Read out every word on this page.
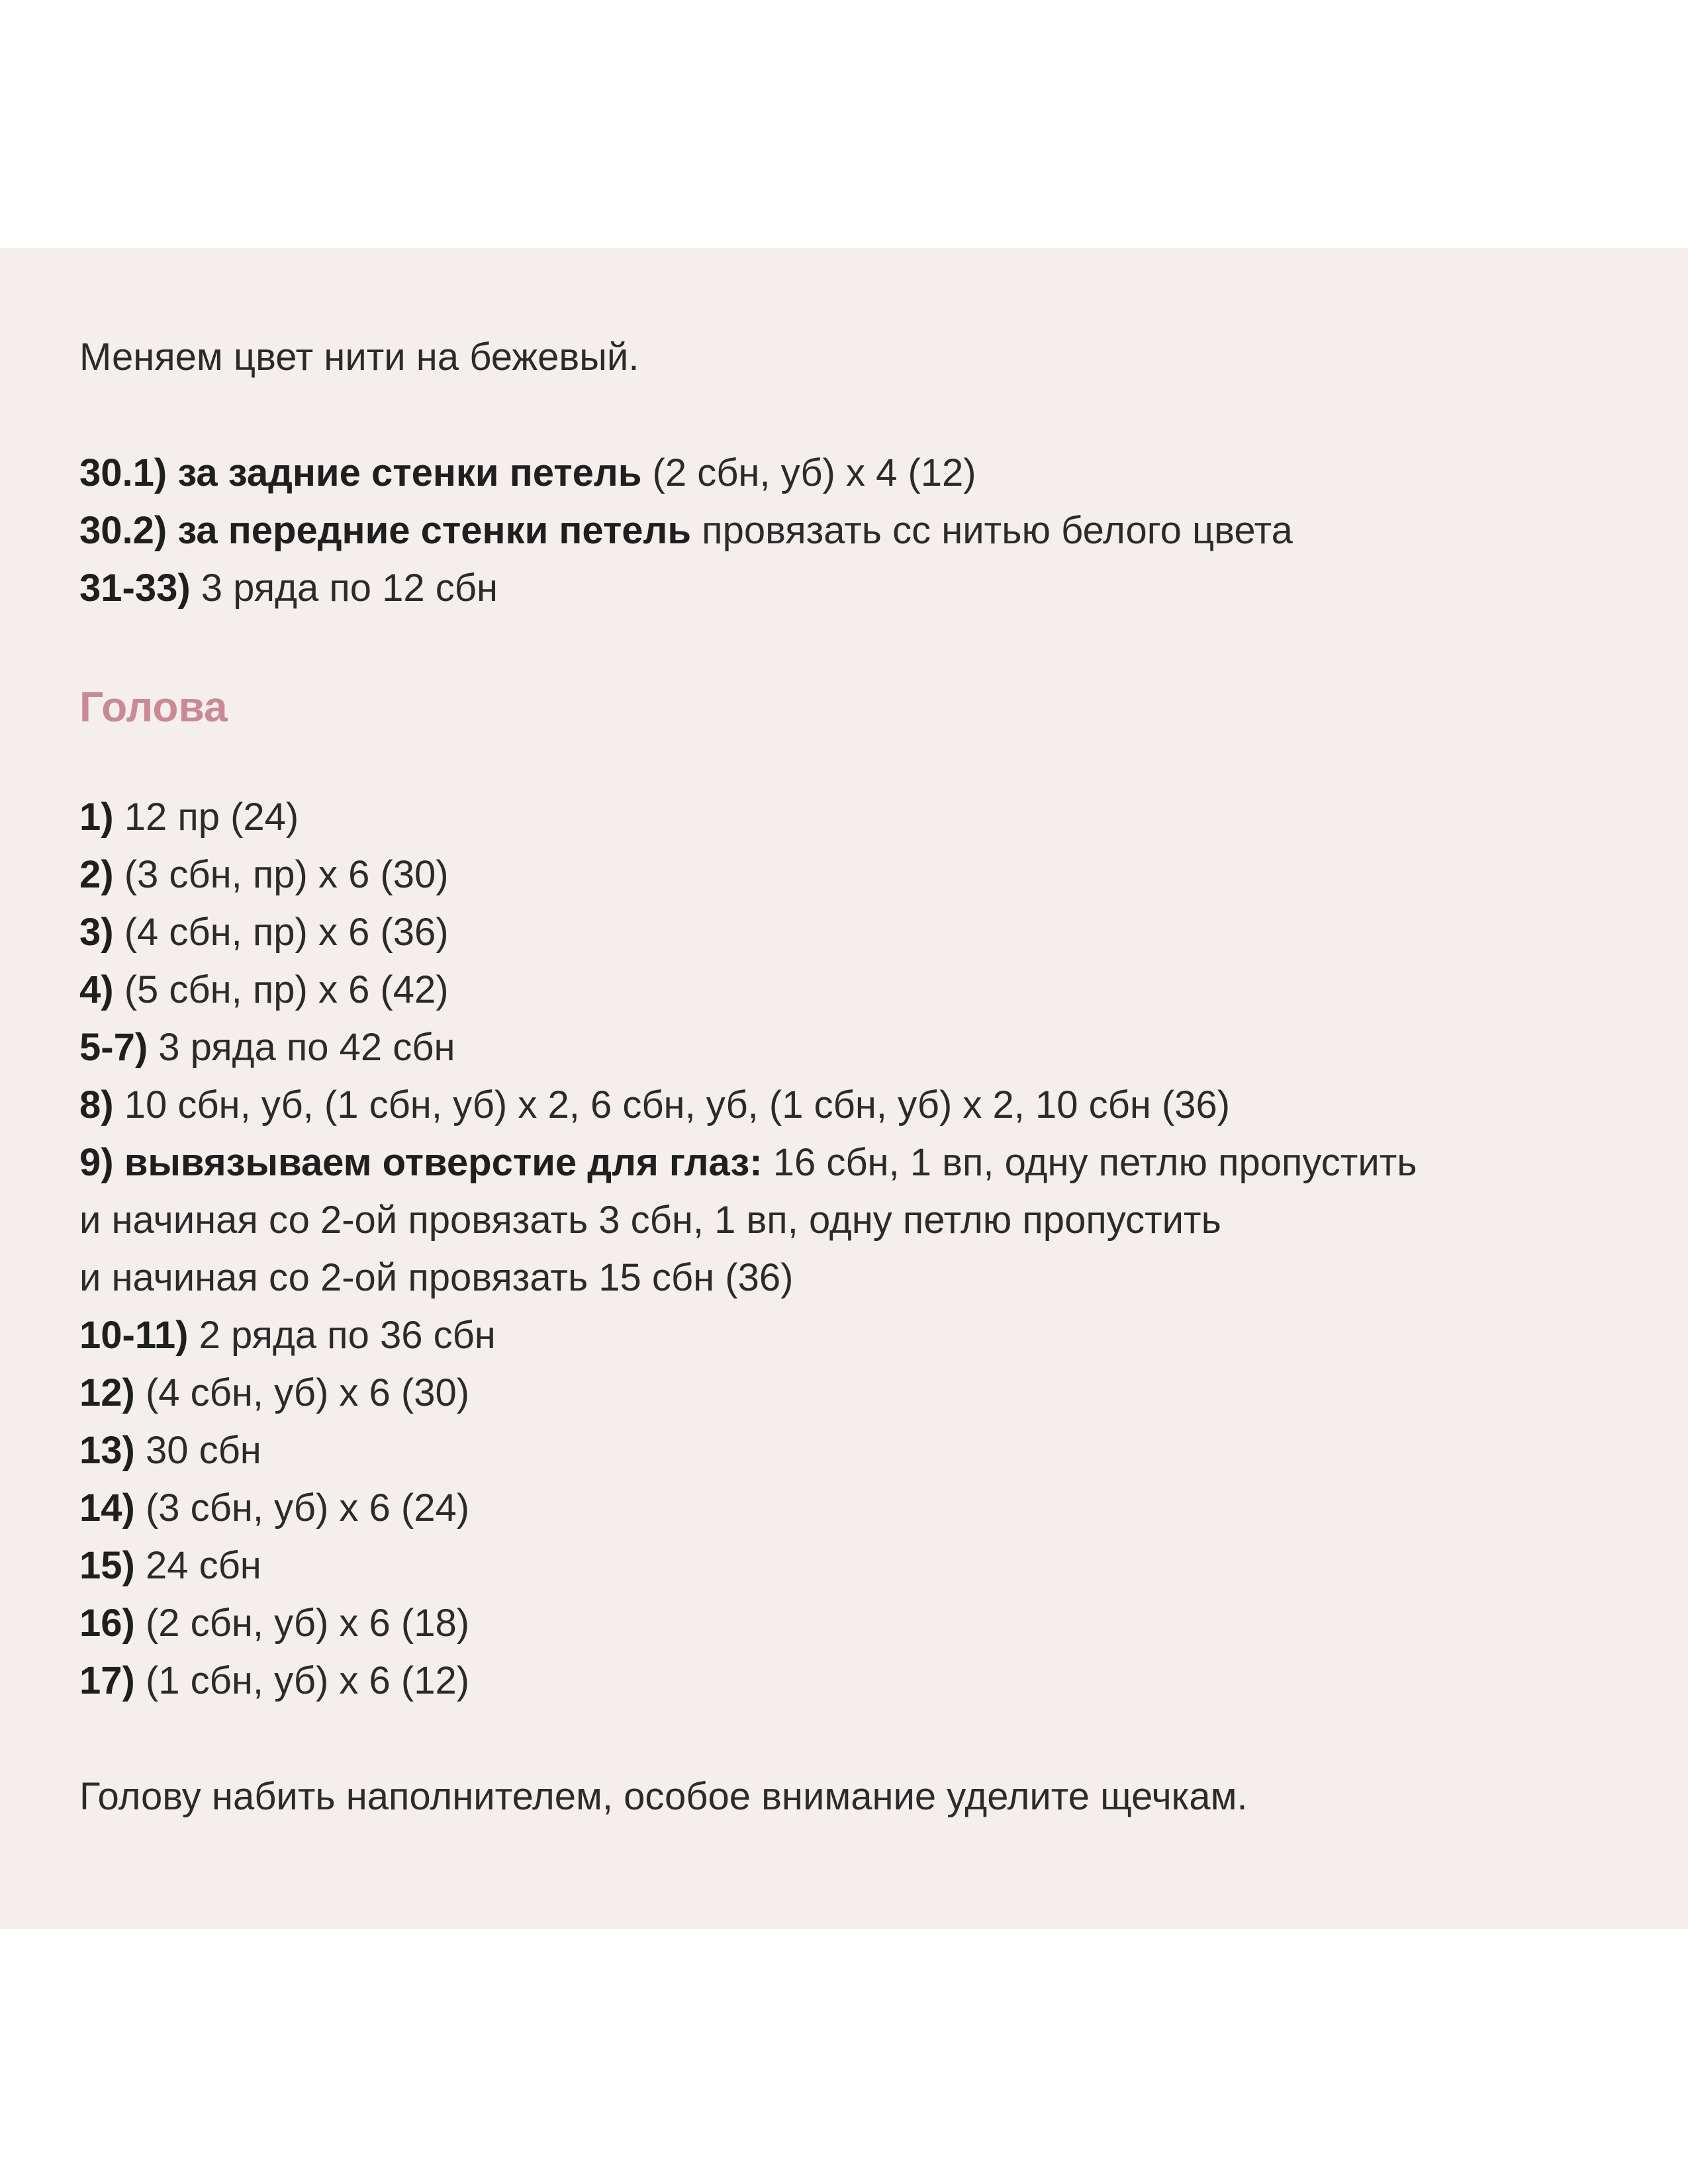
Меняем цвет нити на бежевый.
30.1) за задние стенки петель (2 сбн, уб) х 4 (12)
30.2) за передние стенки петель провязать сс нитью белого цвета
31-33) 3 ряда по 12 сбн
Голова
1) 12 пр (24)
2) (3 сбн, пр) х 6 (30)
3) (4 сбн, пр) х 6 (36)
4) (5 сбн, пр) х 6 (42)
5-7) 3 ряда по 42 сбн
8) 10 сбн, уб, (1 сбн, уб) х 2, 6 сбн, уб, (1 сбн, уб) х 2, 10 сбн (36)
9) вывязываем отверстие для глаз: 16 сбн, 1 вп, одну петлю пропустить
и начиная со 2-ой провязать 3 сбн, 1 вп, одну петлю пропустить
и начиная со 2-ой провязать 15 сбн (36)
10-11) 2 ряда по 36 сбн
12) (4 сбн, уб) х 6 (30)
13) 30 сбн
14) (3 сбн, уб) х 6 (24)
15) 24 сбн
16) (2 сбн, уб) х 6 (18)
17) (1 сбн, уб) х 6 (12)
Голову набить наполнителем, особое внимание уделите щечкам.
